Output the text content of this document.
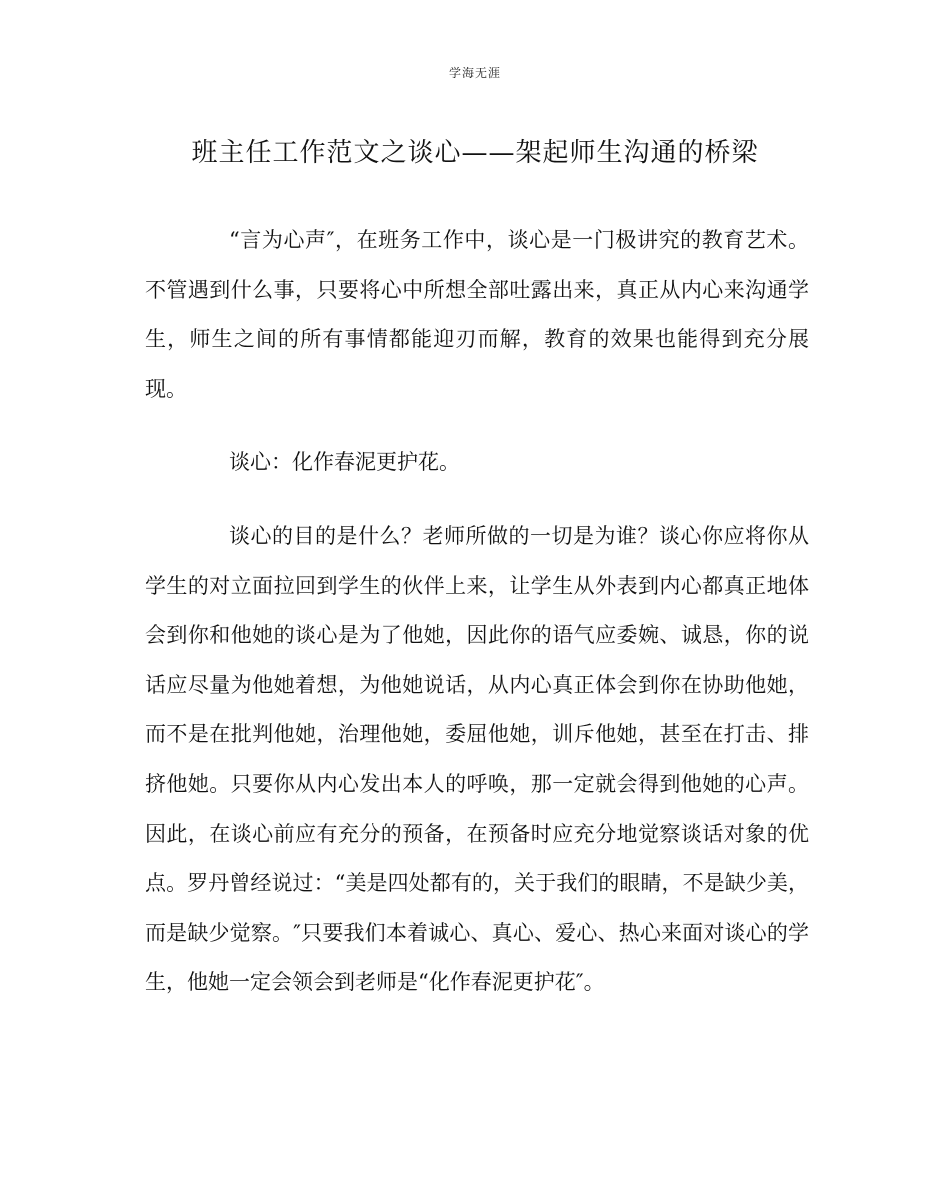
学海无涯
班主任工作范文之谈心——架起师生沟通的桥梁

“言为心声″，在班务工作中，谈心是一门极讲究的教育艺术。不管遇到什么事，只要将心中所想全部吐露出来，真正从内心来沟通学生，师生之间的所有事情都能迎刃而解，教育的效果也能得到充分展现。

谈心：化作春泥更护花。

谈心的目的是什么？老师所做的一切是为谁？谈心你应将你从学生的对立面拉回到学生的伙伴上来，让学生从外表到内心都真正地体会到你和他她的谈心是为了他她，因此你的语气应委婉、诚恳，你的说话应尽量为他她着想，为他她说话，从内心真正体会到你在协助他她，而不是在批判他她，治理他她，委屈他她，训斥他她，甚至在打击、排挤他她。只要你从内心发出本人的呼唤，那一定就会得到他她的心声。因此，在谈心前应有充分的预备，在预备时应充分地觉察谈话对象的优点。罗丹曾经说过：“美是四处都有的，关于我们的眼睛，不是缺少美，而是缺少觉察。″只要我们本着诚心、真心、爱心、热心来面对谈心的学生，他她一定会领会到老师是“化作春泥更护花″。
